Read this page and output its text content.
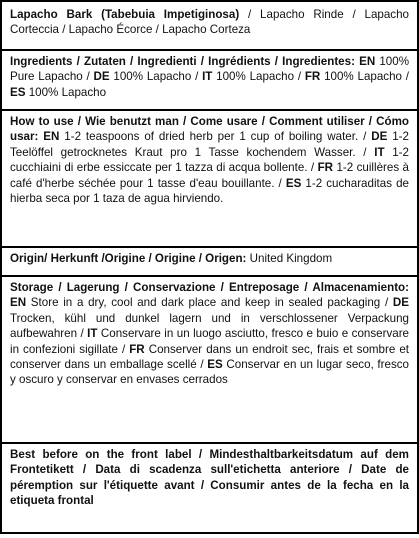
Lapacho Bark (Tabebuia Impetiginosa) / Lapacho Rinde / Lapacho Corteccia / Lapacho Écorce / Lapacho Corteza
Ingredients / Zutaten / Ingredienti / Ingrédients / Ingredientes: EN 100% Pure Lapacho / DE 100% Lapacho / IT 100% Lapacho / FR 100% Lapacho / ES 100% Lapacho
How to use / Wie benutzt man / Come usare / Comment utiliser / Cómo usar: EN 1-2 teaspoons of dried herb per 1 cup of boiling water. / DE 1-2 Teelöffel getrocknetes Kraut pro 1 Tasse kochendem Wasser. / IT 1-2 cucchiaini di erbe essiccate per 1 tazza di acqua bollente. / FR 1-2 cuillères à café d'herbe séchée pour 1 tasse d'eau bouillante. / ES 1-2 cucharaditas de hierba seca por 1 taza de agua hirviendo.
Origin/ Herkunft /Origine / Origine / Origen: United Kingdom
Storage / Lagerung / Conservazione / Entreposage / Almacenamiento: EN Store in a dry, cool and dark place and keep in sealed packaging / DE Trocken, kühl und dunkel lagern und in verschlossener Verpackung aufbewahren / IT Conservare in un luogo asciutto, fresco e buio e conservare in confezioni sigillate / FR Conserver dans un endroit sec, frais et sombre et conserver dans un emballage scellé / ES Conservar en un lugar seco, fresco y oscuro y conservar en envases cerrados
Best before on the front label / Mindesthaltbarkeitsdatum auf dem Frontetikett / Data di scadenza sull'etichetta anteriore / Date de péremption sur l'étiquette avant / Consumir antes de la fecha en la etiqueta frontal
